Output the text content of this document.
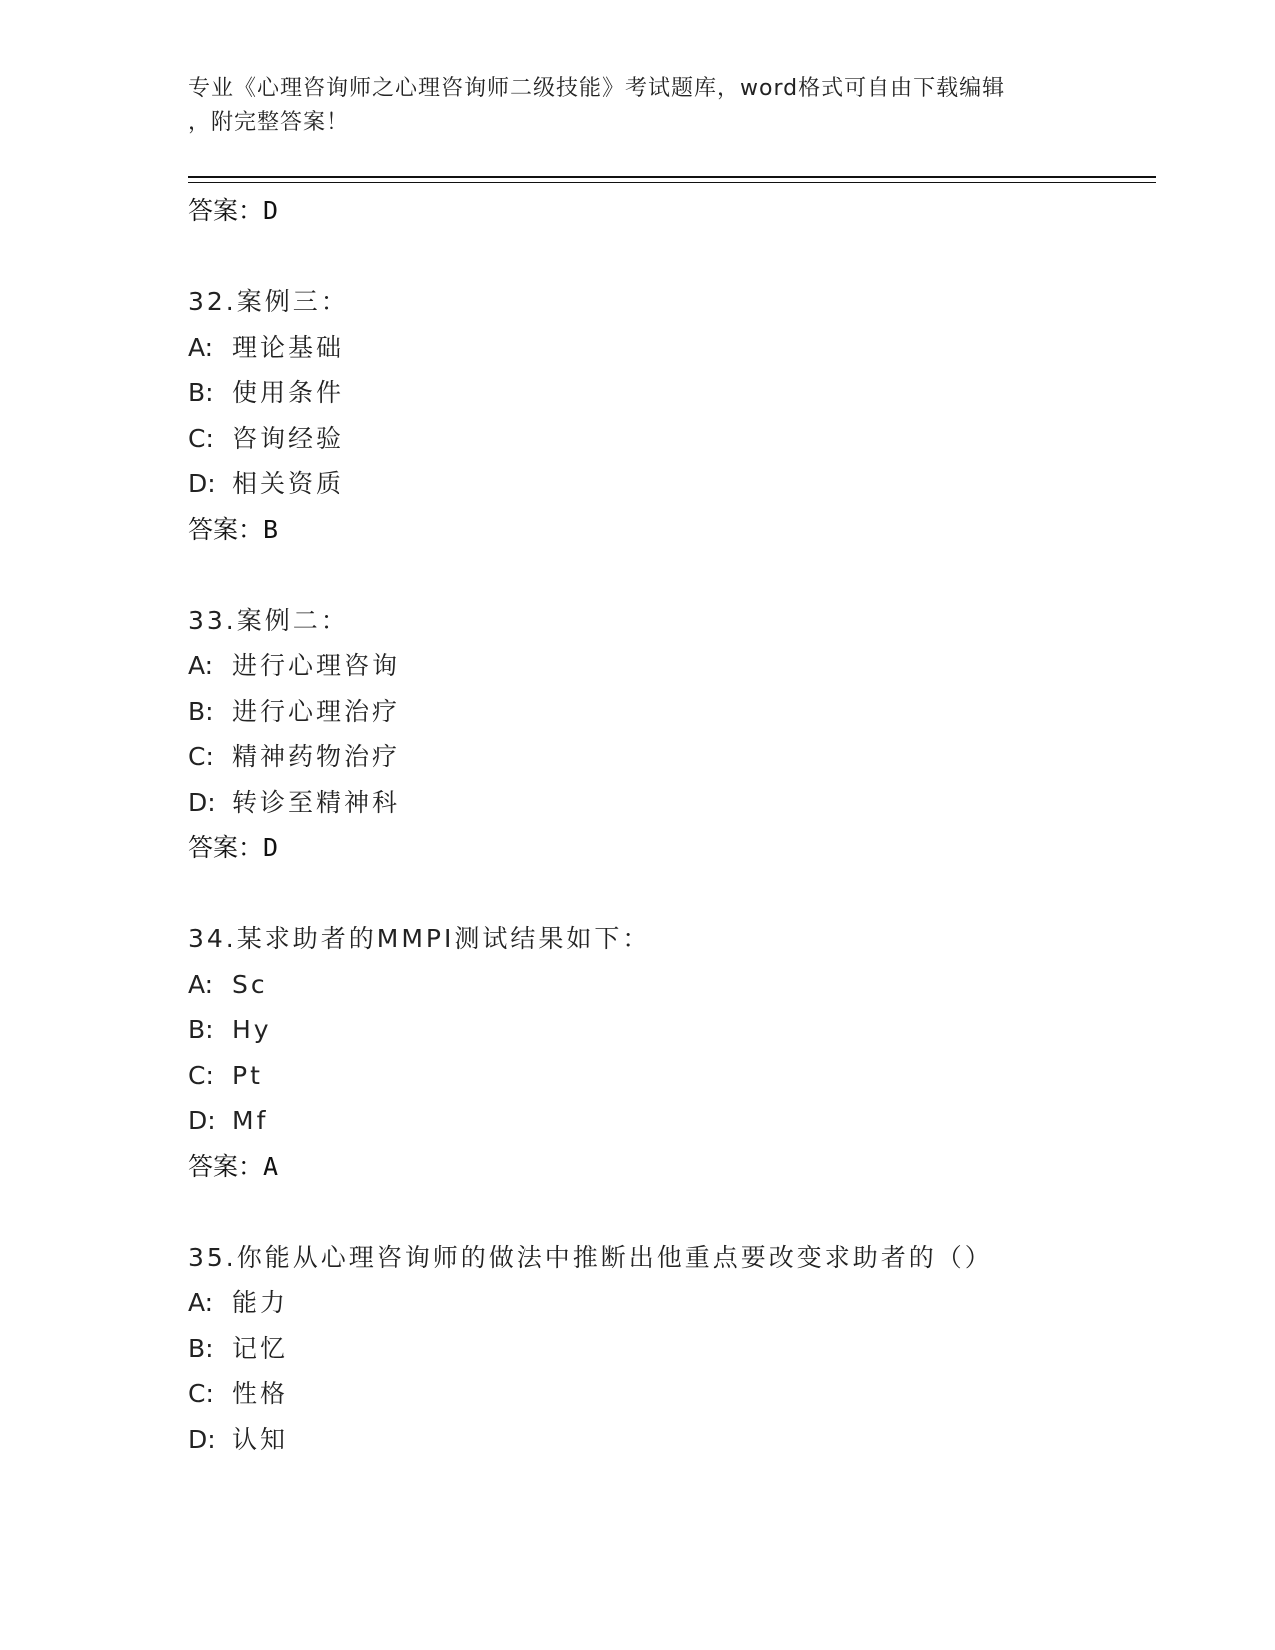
专业《心理咨询师之心理咨询师二级技能》考试题库，word格式可自由下载编辑
，附完整答案！
答案：D
32.案例三：
A: 理论基础
B: 使用条件
C: 咨询经验
D: 相关资质
答案：B
33.案例二：
A: 进行心理咨询
B: 进行心理治疗
C: 精神药物治疗
D: 转诊至精神科
答案：D
34.某求助者的MMPI测试结果如下：
A: Sc
B: Hy
C: Pt
D: Mf
答案：A
35.你能从心理咨询师的做法中推断出他重点要改变求助者的（）
A: 能力
B: 记忆
C: 性格
D: 认知
